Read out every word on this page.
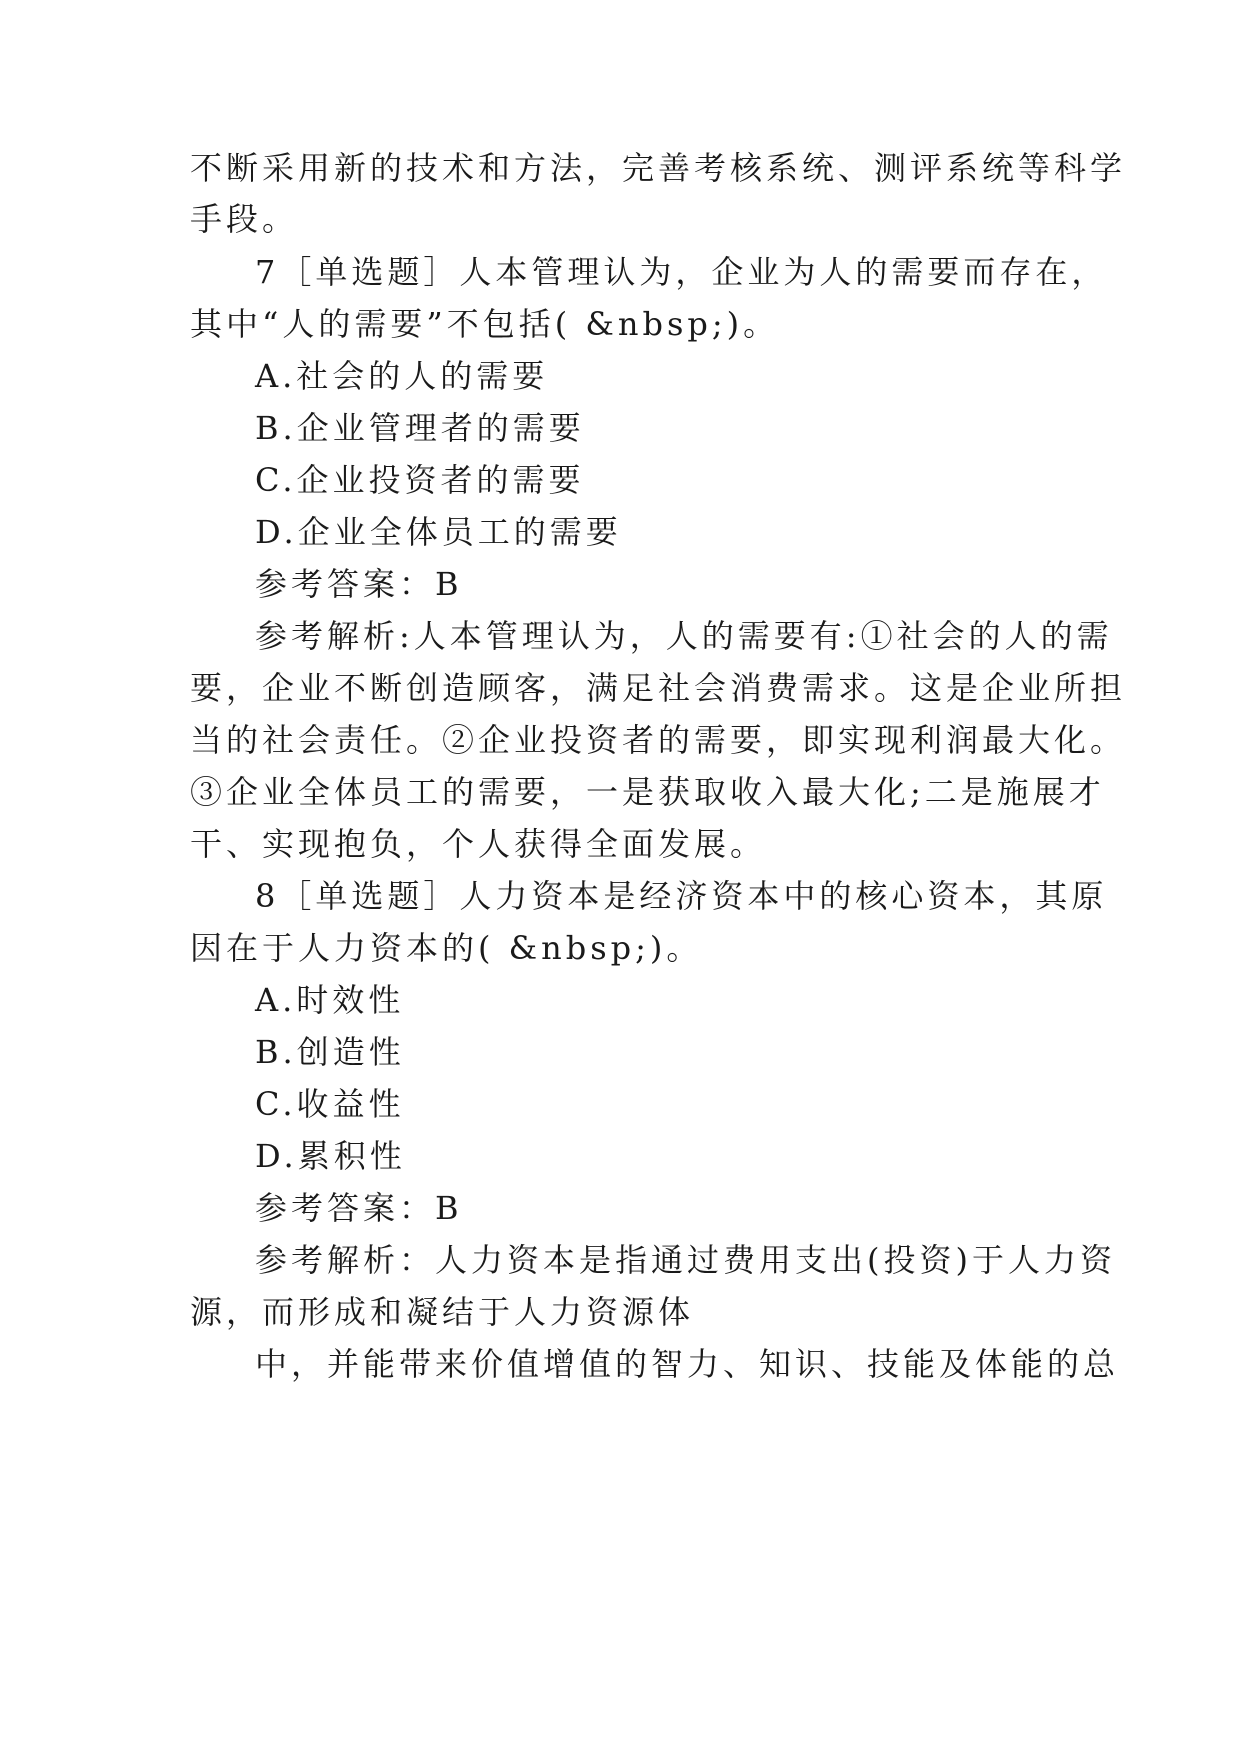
不断采用新的技术和方法，完善考核系统、测评系统等科学
手段。
7［单选题］人本管理认为，企业为人的需要而存在，
其中“人的需要”不包括( &nbsp;)。
A.社会的人的需要
B.企业管理者的需要
C.企业投资者的需要
D.企业全体员工的需要
参考答案：B
参考解析:人本管理认为，人的需要有:①社会的人的需
要，企业不断创造顾客，满足社会消费需求。这是企业所担
当的社会责任。②企业投资者的需要，即实现利润最大化。
③企业全体员工的需要，一是获取收入最大化;二是施展才
干、实现抱负，个人获得全面发展。
8［单选题］人力资本是经济资本中的核心资本，其原
因在于人力资本的( &nbsp;)。
A.时效性
B.创造性
C.收益性
D.累积性
参考答案：B
参考解析：人力资本是指通过费用支出(投资)于人力资
源，而形成和凝结于人力资源体
中，并能带来价值增值的智力、知识、技能及体能的总
